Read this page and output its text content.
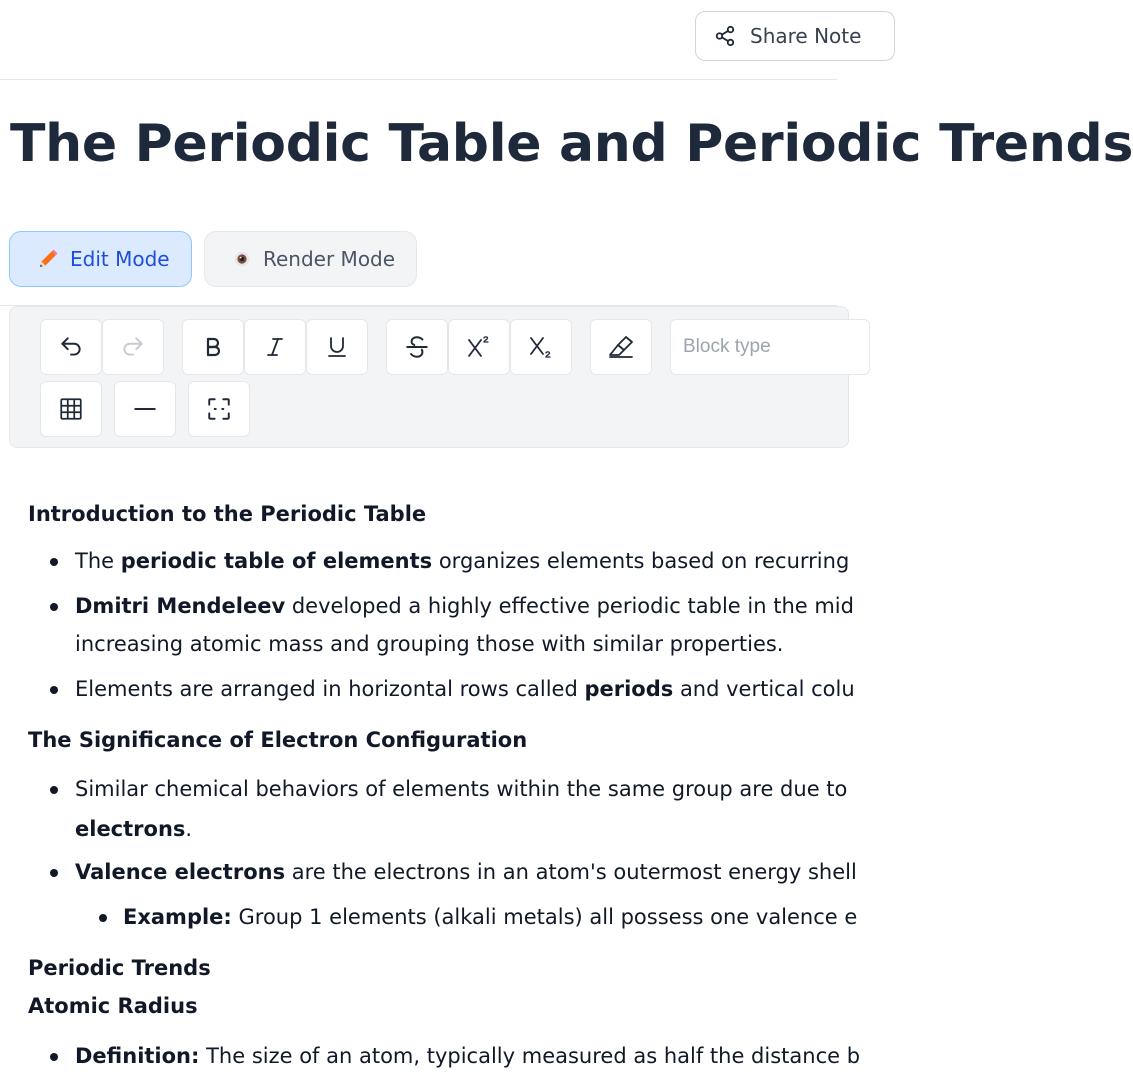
Share Note
The Periodic Table and Periodic Trends
Edit Mode	Render Mode
Block type
Introduction to the Periodic Table
The periodic table of elements organizes elements based on recurring
Dmitri Mendeleev developed a highly effective periodic table in the mid
increasing atomic mass and grouping those with similar properties.
Elements are arranged in horizontal rows called periods and vertical colu
The Significance of Electron Configuration
Similar chemical behaviors of elements within the same group are due to
electrons.
Valence electrons are the electrons in an atom's outermost energy shell
Example: Group 1 elements (alkali metals) all possess one valence e
Periodic Trends
Atomic Radius
Definition: The size of an atom, typically measured as half the distance b
